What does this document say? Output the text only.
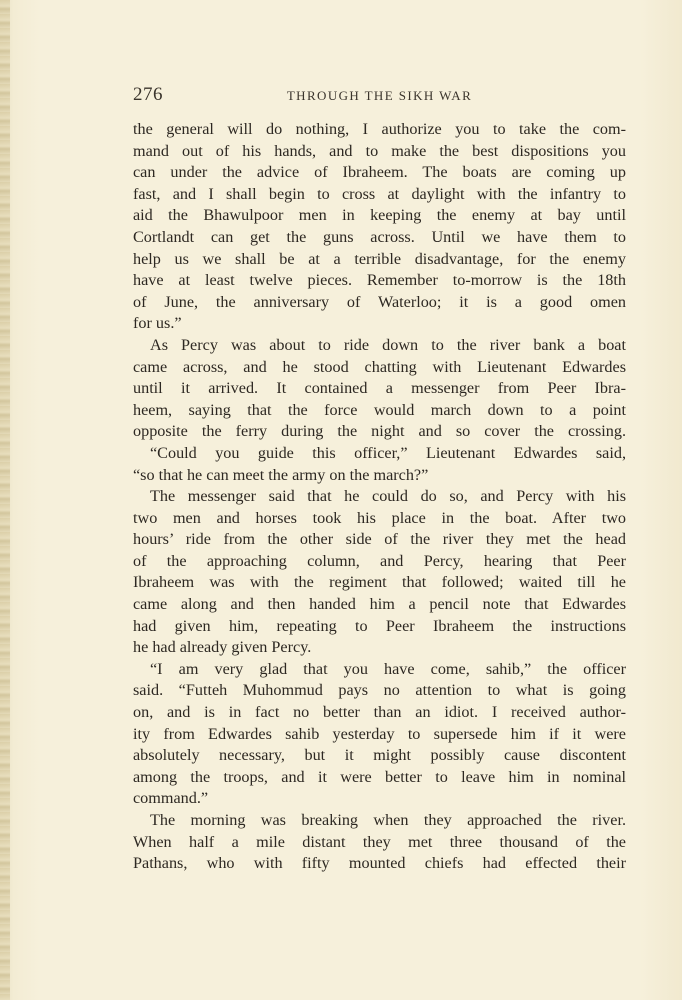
276	THROUGH THE SIKH WAR
the general will do nothing, I authorize you to take the com-
mand out of his hands, and to make the best dispositions you
can under the advice of Ibraheem. The boats are coming up
fast, and I shall begin to cross at daylight with the infantry to
aid the Bhawulpoor men in keeping the enemy at bay until
Cortlandt can get the guns across. Until we have them to
help us we shall be at a terrible disadvantage, for the enemy
have at least twelve pieces. Remember to-morrow is the 18th
of June, the anniversary of Waterloo; it is a good omen
for us.”
As Percy was about to ride down to the river bank a boat
came across, and he stood chatting with Lieutenant Edwardes
until it arrived. It contained a messenger from Peer Ibra-
heem, saying that the force would march down to a point
opposite the ferry during the night and so cover the crossing.
“Could you guide this officer,” Lieutenant Edwardes said,
“so that he can meet the army on the march?”
The messenger said that he could do so, and Percy with his
two men and horses took his place in the boat. After two
hours’ ride from the other side of the river they met the head
of the approaching column, and Percy, hearing that Peer
Ibraheem was with the regiment that followed; waited till he
came along and then handed him a pencil note that Edwardes
had given him, repeating to Peer Ibraheem the instructions
he had already given Percy.
“I am very glad that you have come, sahib,” the officer
said. “Futteh Muhommud pays no attention to what is going
on, and is in fact no better than an idiot. I received author-
ity from Edwardes sahib yesterday to supersede him if it were
absolutely necessary, but it might possibly cause discontent
among the troops, and it were better to leave him in nominal
command.”
The morning was breaking when they approached the river.
When half a mile distant they met three thousand of the
Pathans, who with fifty mounted chiefs had effected their
